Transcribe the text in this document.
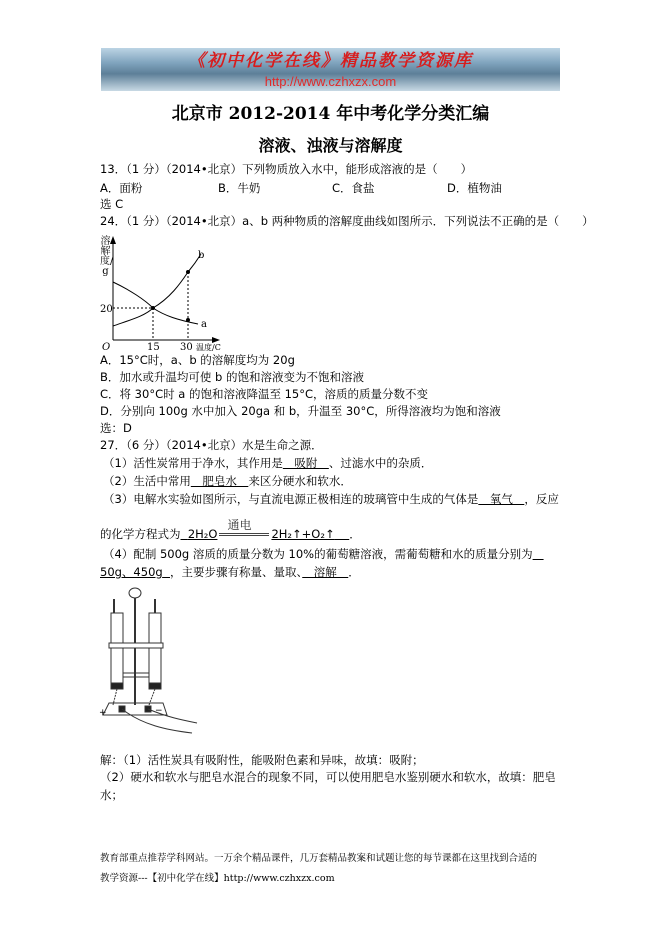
《初中化学在线》精品教学资源库
http://www.czhxzx.com
北京市 2012-2014 年中考化学分类汇编
溶液、浊液与溶解度
13．（1 分）（2014•北京）下列物质放入水中，能形成溶液的是（　　）
A．面粉	B．牛奶	C．食盐	D．植物油
选 C
24．（1 分）（2014•北京）a、b 两种物质的溶解度曲线如图所示．下列说法不正确的是（　　）
20
O	15 30 温度/C
a
b
溶解度/g
A．15°C时，a、b 的溶解度均为 20g
B．加水或升温均可使 b 的饱和溶液变为不饱和溶液
C．将 30°C时 a 的饱和溶液降温至 15°C，溶质的质量分数不变
D．分别向 100g 水中加入 20ga 和 b，升温至 30°C，所得溶液均为饱和溶液
选：D
27．（6 分）（2014•北京）水是生命之源．
（1）活性炭常用于净水，其作用是　吸附　、过滤水中的杂质．
（2）生活中常用　肥皂水　来区分硬水和软水．
（3）电解水实验如图所示，与直流电源正极相连的玻璃管中生成的气体是　氧气　，反应
的化学方程式为 2H₂O
通电
2H₂↑+O₂↑ ．
（4）配制 500g 溶质的质量分数为 10%的葡萄糖溶液，需葡萄糖和水的质量分别为
50g、450g ，主要步骤有称量、量取、　溶解　．
+	−
解：（1）活性炭具有吸附性，能吸附色素和异味，故填：吸附；
（2）硬水和软水与肥皂水混合的现象不同，可以使用肥皂水鉴别硬水和软水，故填：肥皂
水；
教育部重点推荐学科网站。一万余个精品课件，几万套精品教案和试题让您的每节课都在这里找到合适的
教学资源---【初中化学在线】http://www.czhxzx.com
